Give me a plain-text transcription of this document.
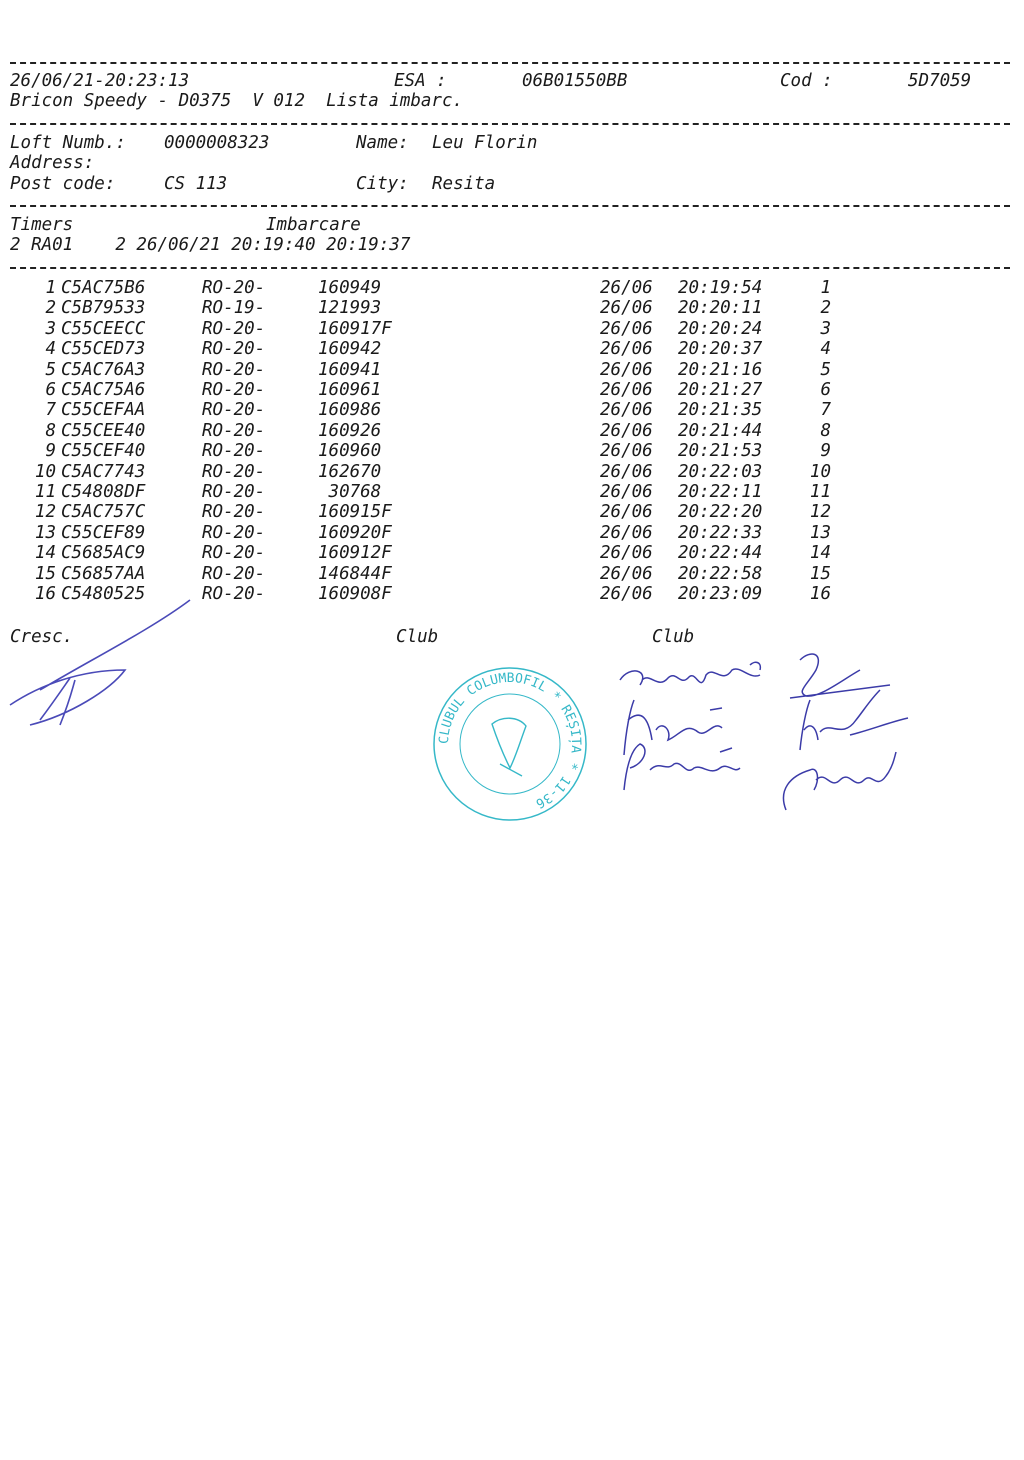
26/06/21-20:23:13	ESA :	06B01550BB	Cod :	5D7059
Bricon Speedy - D0375  V 012  Lista imbarc.
Loft Numb.: 0000008323	Name: Leu Florin
Address:
Post code:	CS 113	City: Resita
Timers	Imbarcare
2 RA01    2 26/06/21 20:19:40 20:19:37
1 C5AC75B6	RO-20-	160949	26/06 20:19:54	1
2 C5B79533	RO-19-	121993	26/06 20:20:11	2
3 C55CEECC	RO-20-	160917F	26/06 20:20:24	3
4 C55CED73	RO-20-	160942	26/06 20:20:37	4
5 C5AC76A3	RO-20-	160941	26/06 20:21:16	5
6 C5AC75A6	RO-20-	160961	26/06 20:21:27	6
7 C55CEFAA	RO-20-	160986	26/06 20:21:35	7
8 C55CEE40	RO-20-	160926	26/06 20:21:44	8
9 C55CEF40	RO-20-	160960	26/06 20:21:53	9
10 C5AC7743	RO-20-	162670	26/06 20:22:03	10
11 C54808DF	RO-20-	30768	26/06 20:22:11	11
12 C5AC757C	RO-20-	160915F	26/06 20:22:20	12
13 C55CEF89	RO-20-	160920F	26/06 20:22:33	13
14 C5685AC9	RO-20-	160912F	26/06 20:22:44	14
15 C56857AA	RO-20-	146844F	26/06 20:22:58	15
16 C5480525	RO-20-	160908F	26/06 20:23:09	16
Cresc.	Club	Club
CLUBUL COLUMBOFIL * REȘIȚA * 11-36
